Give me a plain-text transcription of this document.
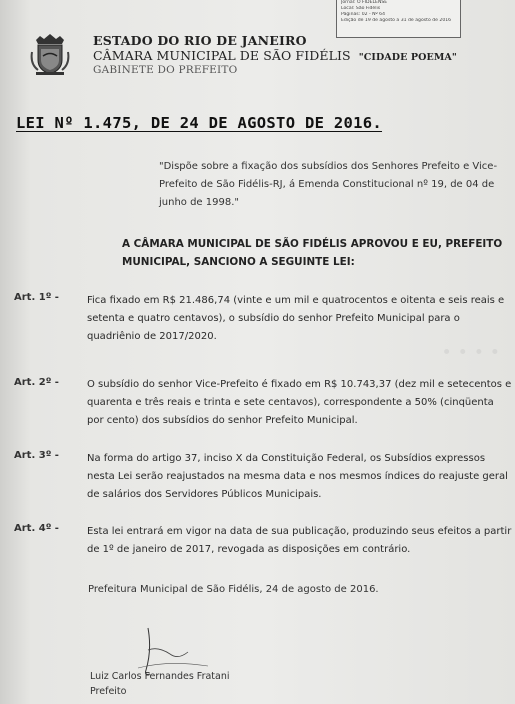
Jornal: O FIDELENSE
Local: São Fidélis
Páginas: 02 - Nº 64
Edição de 19 de agosto a 31 de agosto de 2016
ESTADO DO RIO DE JANEIRO
CÂMARA MUNICIPAL DE SÃO FIDÉLIS "CIDADE POEMA"
GABINETE DO PREFEITO
LEI Nº 1.475, DE 24 DE AGOSTO DE 2016.
"Dispõe sobre a fixação dos subsídios dos Senhores Prefeito e Vice-Prefeito de São Fidélis-RJ, á Emenda Constitucional nº 19, de 04 de junho de 1998."
A CÂMARA MUNICIPAL DE SÃO FIDÉLIS APROVOU E EU, PREFEITO MUNICIPAL, SANCIONO A SEGUINTE LEI:
····
Art. 1º -	Fica fixado em R$ 21.486,74 (vinte e um mil e quatrocentos e oitenta e seis reais e setenta e quatro centavos), o subsídio do senhor Prefeito Municipal para o quadriênio de 2017/2020.
Art. 2º -	O subsídio do senhor Vice-Prefeito é fixado em R$ 10.743,37 (dez mil e setecentos e quarenta e três reais e trinta e sete centavos), correspondente a 50% (cinqüenta por cento) dos subsídios do senhor Prefeito Municipal.
Art. 3º -	Na forma do artigo 37, inciso X da Constituição Federal, os Subsídios expressos nesta Lei serão reajustados na mesma data e nos mesmos índices do reajuste geral de salários dos Servidores Públicos Municipais.
Art. 4º -	Esta lei entrará em vigor na data de sua publicação, produzindo seus efeitos a partir de 1º de janeiro de 2017, revogada as disposições em contrário.
Prefeitura Municipal de São Fidélis, 24 de agosto de 2016.
Luiz Carlos Fernandes Fratani
Prefeito
